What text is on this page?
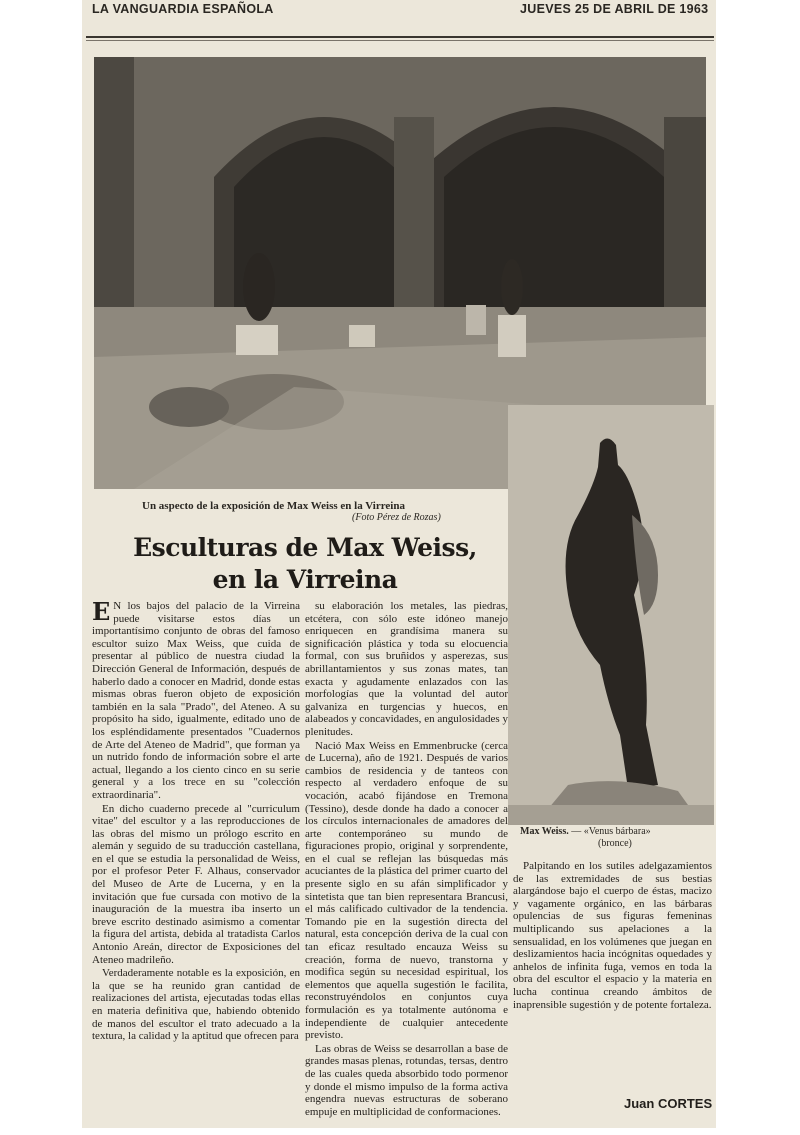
LA VANGUARDIA ESPAÑOLA	JUEVES 25 DE ABRIL DE 1963
Un aspecto de la exposición de Max Weiss en la Virreina
(Foto Pérez de Rozas)
Max Weiss. — «Venus bárbara»
(bronce)
Esculturas de Max Weiss,
en la Virreina

E N los bajos del palacio de la Virreina puede visitarse estos días un importantísimo conjunto de obras del famoso escultor suizo Max Weiss, que cuida de presentar al público de nuestra ciudad la Dirección General de Información, después de haberlo dado a conocer en Madrid, donde estas mismas obras fueron objeto de exposición también en la sala "Prado", del Ateneo. A su propósito ha sido, igualmente, editado uno de los espléndidamente presentados "Cuadernos de Arte del Ateneo de Madrid", que forman ya un nutrido fondo de información sobre el arte actual, llegando a los ciento cinco en su serie general y a los trece en su "colección extraordinaria".

En dicho cuaderno precede al "curriculum vitae" del escultor y a las reproducciones de las obras del mismo un prólogo escrito en alemán y seguido de su traducción castellana, en el que se estudia la personalidad de Weiss, por el profesor Peter F. Alhaus, conservador del Museo de Arte de Lucerna, y en la invitación que fue cursada con motivo de la inauguración de la muestra iba inserto un breve escrito destinado asimismo a comentar la figura del artista, debida al tratadista Carlos Antonio Areán, director de Exposiciones del Ateneo madrileño.

Verdaderamente notable es la exposición, en la que se ha reunido gran cantidad de realizaciones del artista, ejecutadas todas ellas en materia definitiva que, habiendo obtenido de manos del escultor el trato adecuado a la textura, la calidad y la aptitud que ofrecen para

su elaboración los metales, las piedras, etcétera, con sólo este idóneo manejo enriquecen en grandísima manera su significación plástica y toda su elocuencia formal, con sus bruñidos y asperezas, sus abrillantamientos y sus zonas mates, tan exacta y agudamente enlazados con las morfologías que la voluntad del autor galvaniza en turgencias y huecos, en alabeados y concavidades, en angulosidades y plenitudes.

Nació Max Weiss en Emmenbrucke (cerca de Lucerna), año de 1921. Después de varios cambios de residencia y de tanteos con respecto al verdadero enfoque de su vocación, acabó fijándose en Tremona (Tessino), desde donde ha dado a conocer a los círculos internacionales de amadores del arte contemporáneo su mundo de figuraciones propio, original y sorprendente, en el cual se reflejan las búsquedas más acuciantes de la plástica del primer cuarto del presente siglo en su afán simplificador y sintetista que tan bien representara Brancusi, el más calificado cultivador de la tendencia. Tomando pie en la sugestión directa del natural, esta concepción deriva de la cual con tan eficaz resultado encauza Weiss su creación, forma de nuevo, transtorna y modifica según su necesidad espiritual, los elementos que aquella sugestión le facilita, reconstruyéndolos en conjuntos cuya formulación es ya totalmente autónoma e independiente de cualquier antecedente previsto.

Las obras de Weiss se desarrollan a base de grandes masas plenas, rotundas, tersas, dentro de las cuales queda absorbido todo pormenor y donde el mismo impulso de la forma activa engendra nuevas estructuras de soberano empuje en multiplicidad de conformaciones.

Palpitando en los sutiles adelgazamientos de las extremidades de sus bestias alargándose bajo el cuerpo de éstas, macizo y vagamente orgánico, en las bárbaras opulencias de sus figuras femeninas multiplicando sus apelaciones a la sensualidad, en los volúmenes que juegan en deslizamientos hacia incógnitas oquedades y anhelos de infinita fuga, vemos en toda la obra del escultor el espacio y la materia en lucha continua creando ámbitos de inaprensible sugestión y de potente fortaleza.

Juan CORTES
